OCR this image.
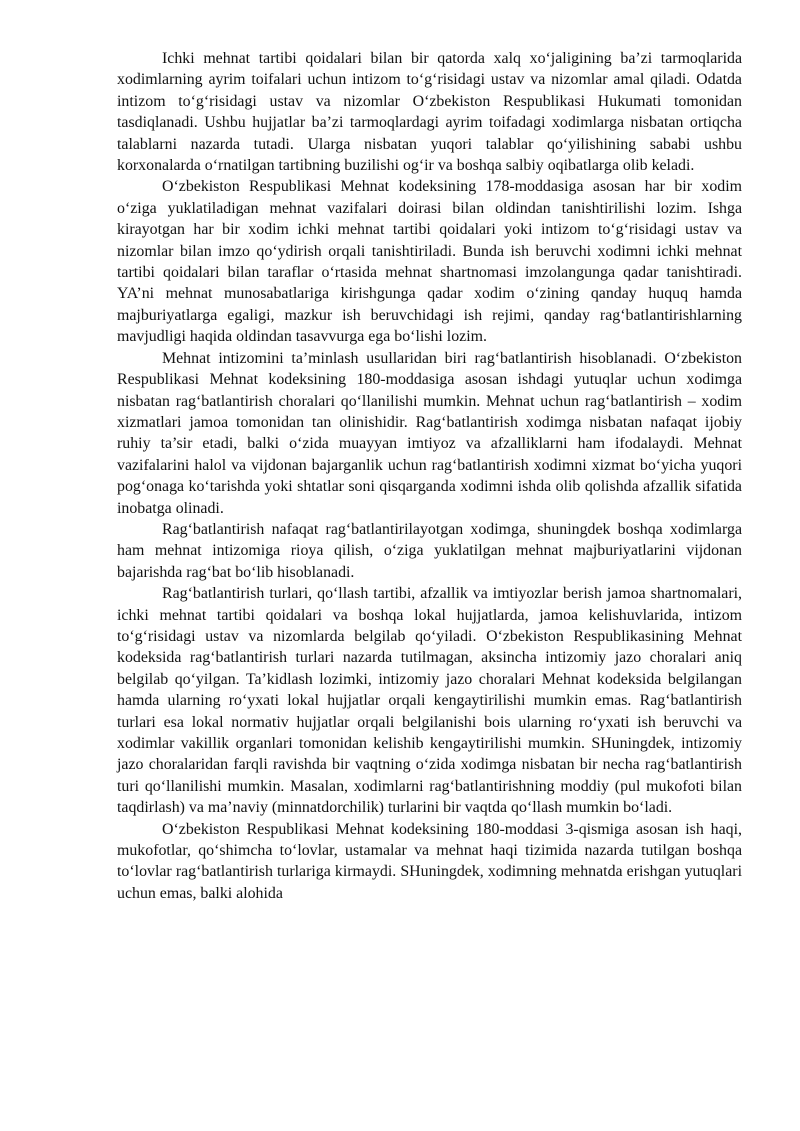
Ichki mehnat tartibi qoidalari bilan bir qatorda xalq xo‘jaligining ba’zi tarmoqlarida xodimlarning ayrim toifalari uchun intizom to‘g‘risidagi ustav va nizomlar amal qiladi. Odatda intizom to‘g‘risidagi ustav va nizomlar O‘zbekiston Respublikasi Hukumati tomonidan tasdiqlanadi. Ushbu hujjatlar ba’zi tarmoqlardagi ayrim toifadagi xodimlarga nisbatan ortiqcha talablarni nazarda tutadi. Ularga nisbatan yuqori talablar qo‘yilishining sababi ushbu korxonalarda o‘rnatilgan tartibning buzilishi og‘ir va boshqa salbiy oqibatlarga olib keladi.

O‘zbekiston Respublikasi Mehnat kodeksining 178-moddasiga asosan har bir xodim o‘ziga yuklatiladigan mehnat vazifalari doirasi bilan oldindan tanishtirilishi lozim. Ishga kirayotgan har bir xodim ichki mehnat tartibi qoidalari yoki intizom to‘g‘risidagi ustav va nizomlar bilan imzo qo‘ydirish orqali tanishtiriladi. Bunda ish beruvchi xodimni ichki mehnat tartibi qoidalari bilan taraflar o‘rtasida mehnat shartnomasi imzolangunga qadar tanishtiradi. YA’ni mehnat munosabatlariga kirishgunga qadar xodim o‘zining qanday huquq hamda majburiyatlarga egaligi, mazkur ish beruvchidagi ish rejimi, qanday rag‘batlantirishlarning mavjudligi haqida oldindan tasavvurga ega bo‘lishi lozim.

Mehnat intizomini ta’minlash usullaridan biri rag‘batlantirish hisoblanadi. O‘zbekiston Respublikasi Mehnat kodeksining 180-moddasiga asosan ishdagi yutuqlar uchun xodimga nisbatan rag‘batlantirish choralari qo‘llanilishi mumkin. Mehnat uchun rag‘batlantirish – xodim xizmatlari jamoa tomonidan tan olinishidir. Rag‘batlantirish xodimga nisbatan nafaqat ijobiy ruhiy ta’sir etadi, balki o‘zida muayyan imtiyoz va afzalliklarni ham ifodalaydi. Mehnat vazifalarini halol va vijdonan bajarganlik uchun rag‘batlantirish xodimni xizmat bo‘yicha yuqori pog‘onaga ko‘tarishda yoki shtatlar soni qisqarganda xodimni ishda olib qolishda afzallik sifatida inobatga olinadi.

Rag‘batlantirish nafaqat rag‘batlantirilayotgan xodimga, shuningdek boshqa xodimlarga ham mehnat intizomiga rioya qilish, o‘ziga yuklatilgan mehnat majburiyatlarini vijdonan bajarishda rag‘bat bo‘lib hisoblanadi.

Rag‘batlantirish turlari, qo‘llash tartibi, afzallik va imtiyozlar berish jamoa shartnomalari, ichki mehnat tartibi qoidalari va boshqa lokal hujjatlarda, jamoa kelishuvlarida, intizom to‘g‘risidagi ustav va nizomlarda belgilab qo‘yiladi. O‘zbekiston Respublikasining Mehnat kodeksida rag‘batlantirish turlari nazarda tutilmagan, aksincha intizomiy jazo choralari aniq belgilab qo‘yilgan. Ta’kidlash lozimki, intizomiy jazo choralari Mehnat kodeksida belgilangan hamda ularning ro‘yxati lokal hujjatlar orqali kengaytirilishi mumkin emas. Rag‘batlantirish turlari esa lokal normativ hujjatlar orqali belgilanishi bois ularning ro‘yxati ish beruvchi va xodimlar vakillik organlari tomonidan kelishib kengaytirilishi mumkin. SHuningdek, intizomiy jazo choralaridan farqli ravishda bir vaqtning o‘zida xodimga nisbatan bir necha rag‘batlantirish turi qo‘llanilishi mumkin. Masalan, xodimlarni rag‘batlantirishning moddiy (pul mukofoti bilan taqdirlash) va ma’naviy (minnatdorchilik) turlarini bir vaqtda qo‘llash mumkin bo‘ladi.

O‘zbekiston Respublikasi Mehnat kodeksining 180-moddasi 3-qismiga asosan ish haqi, mukofotlar, qo‘shimcha to‘lovlar, ustamalar va mehnat haqi tizimida nazarda tutilgan boshqa to‘lovlar rag‘batlantirish turlariga kirmaydi. SHuningdek, xodimning mehnatda erishgan yutuqlari uchun emas, balki alohida
